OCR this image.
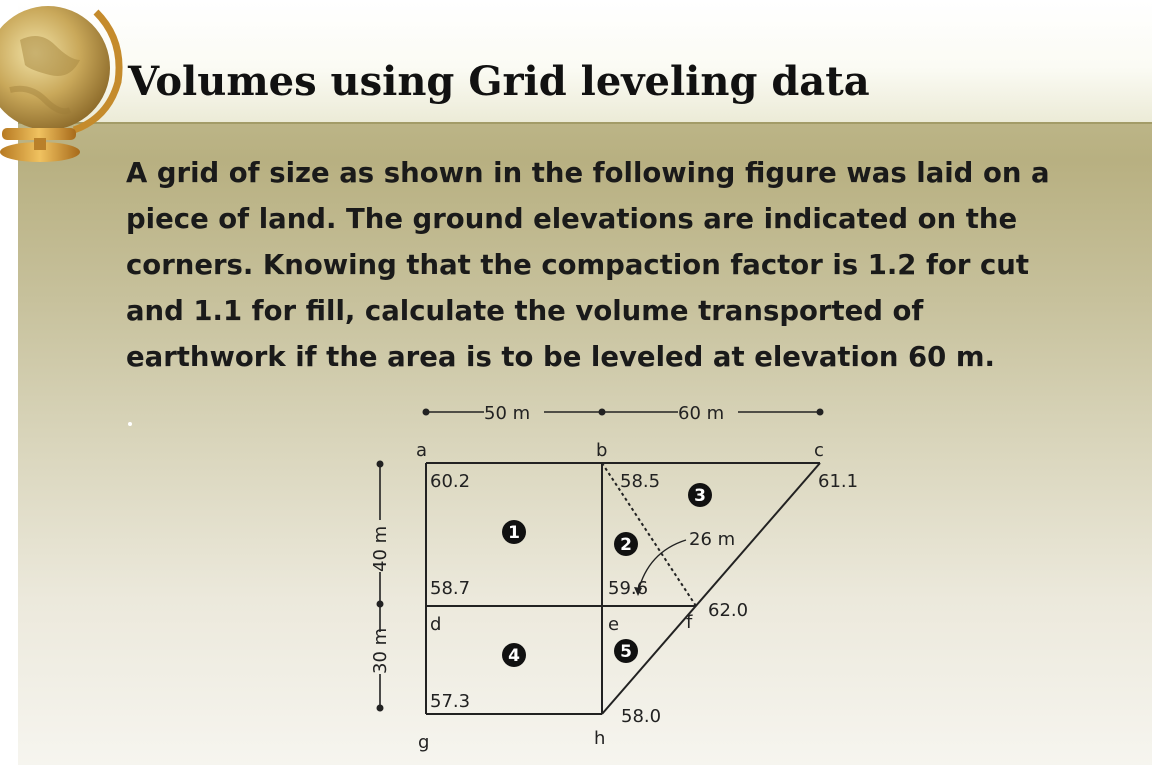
Volumes using Grid leveling data

A grid of size as shown in the following figure was laid on a piece of land. The ground elevations are indicated on the corners. Knowing that the compaction factor is 1.2 for cut and 1.1 for fill, calculate the volume transported of earthwork if the area is to be leveled at elevation 60 m.

50 m	60 m
40 m
30 m
26 m
a	b	c
d	e	f
g	h
60.2	58.5	61.1
58.7	59.6
62.0
57.3
58.0
1
2
3
4	5
